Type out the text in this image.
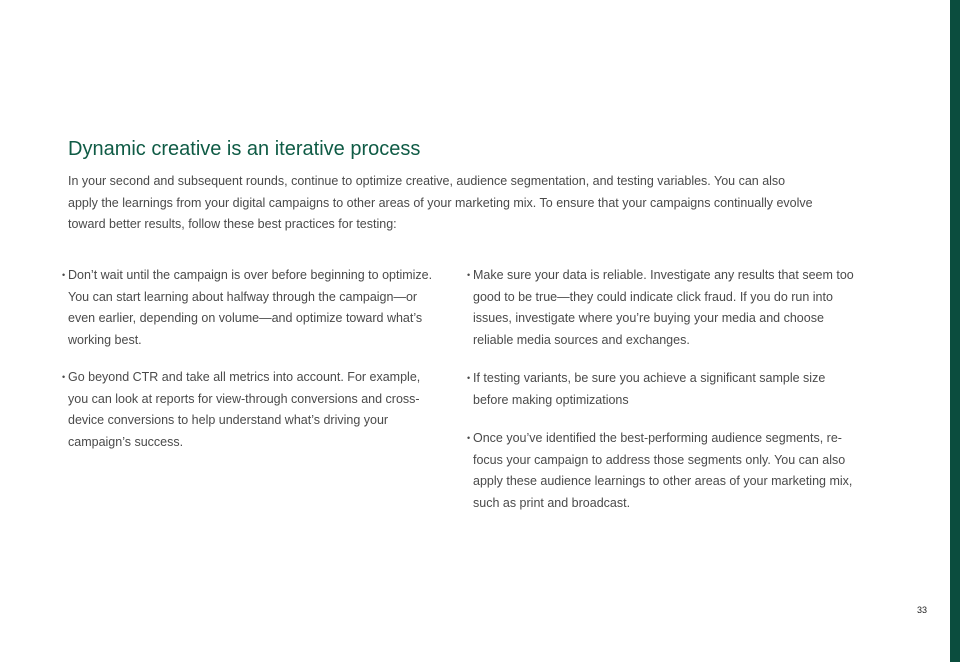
Dynamic creative is an iterative process

In your second and subsequent rounds, continue to optimize creative, audience segmentation, and testing variables. You can also apply the learnings from your digital campaigns to other areas of your marketing mix. To ensure that your campaigns continually evolve toward better results, follow these best practices for testing:

• Don’t wait until the campaign is over before beginning to optimize. You can start learning about halfway through the campaign—or even earlier, depending on volume—and optimize toward what’s working best.
• Go beyond CTR and take all metrics into account. For example, you can look at reports for view-through conversions and cross-device conversions to help understand what’s driving your campaign’s success.
• Make sure your data is reliable. Investigate any results that seem too good to be true—they could indicate click fraud. If you do run into issues, investigate where you’re buying your media and choose reliable media sources and exchanges.
• If testing variants, be sure you achieve a significant sample size before making optimizations
• Once you’ve identified the best-performing audience segments, re-focus your campaign to address those segments only. You can also apply these audience learnings to other areas of your marketing mix, such as print and broadcast.
33
